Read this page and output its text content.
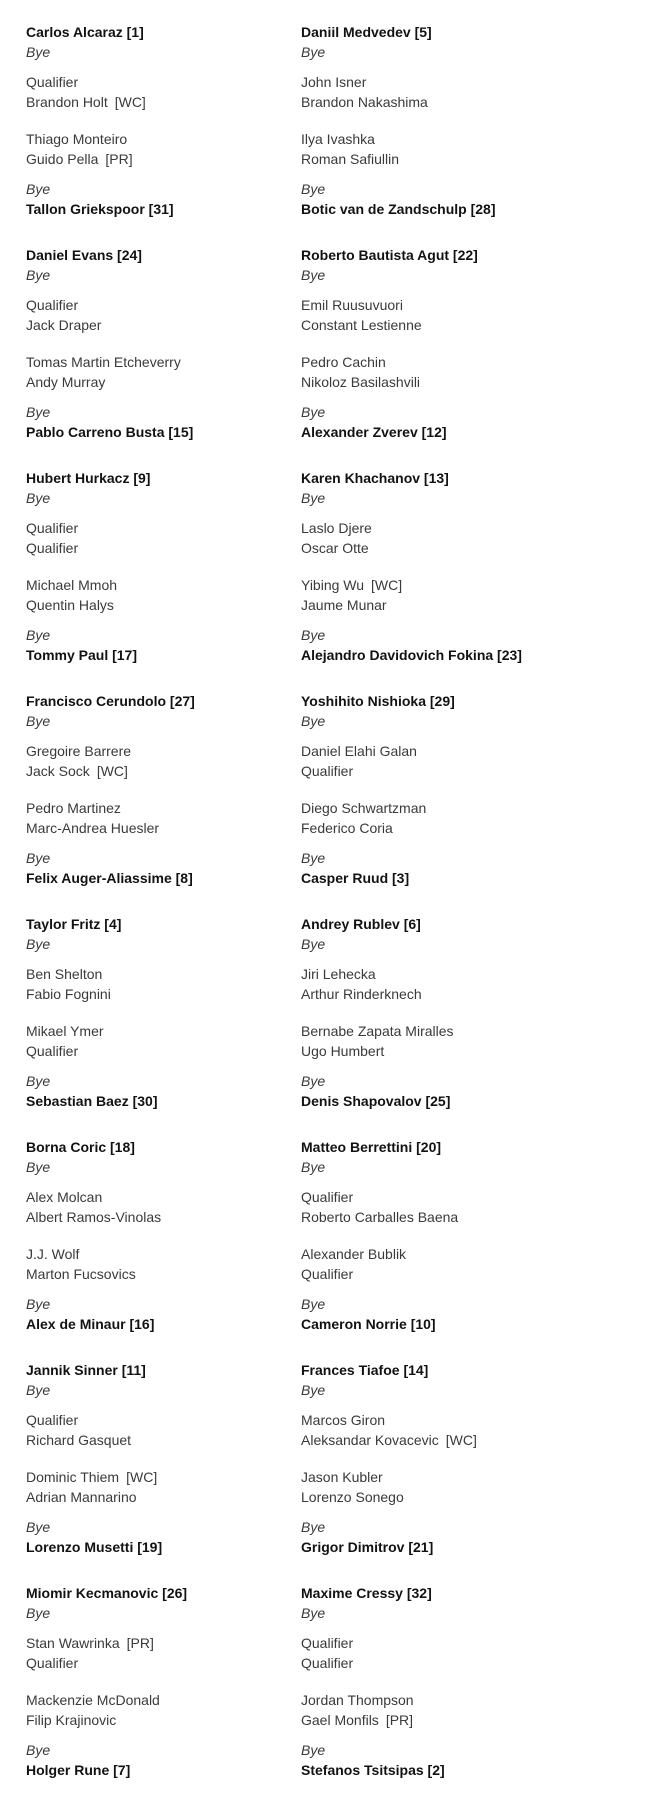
Carlos Alcaraz [1]
Bye
Qualifier
Brandon Holt [WC]
Thiago Monteiro
Guido Pella [PR]
Bye
Tallon Griekspoor [31]
Daniel Evans [24]
Bye
Qualifier
Jack Draper
Tomas Martin Etcheverry
Andy Murray
Bye
Pablo Carreno Busta [15]
Hubert Hurkacz [9]
Bye
Qualifier
Qualifier
Michael Mmoh
Quentin Halys
Bye
Tommy Paul [17]
Francisco Cerundolo [27]
Bye
Gregoire Barrere
Jack Sock [WC]
Pedro Martinez
Marc-Andrea Huesler
Bye
Felix Auger-Aliassime [8]
Taylor Fritz [4]
Bye
Ben Shelton
Fabio Fognini
Mikael Ymer
Qualifier
Bye
Sebastian Baez [30]
Borna Coric [18]
Bye
Alex Molcan
Albert Ramos-Vinolas
J.J. Wolf
Marton Fucsovics
Bye
Alex de Minaur [16]
Jannik Sinner [11]
Bye
Qualifier
Richard Gasquet
Dominic Thiem [WC]
Adrian Mannarino
Bye
Lorenzo Musetti [19]
Miomir Kecmanovic [26]
Bye
Stan Wawrinka [PR]
Qualifier
Mackenzie McDonald
Filip Krajinovic
Bye
Holger Rune [7]
Daniil Medvedev [5]
Bye
John Isner
Brandon Nakashima
Ilya Ivashka
Roman Safiullin
Bye
Botic van de Zandschulp [28]
Roberto Bautista Agut [22]
Bye
Emil Ruusuvuori
Constant Lestienne
Pedro Cachin
Nikoloz Basilashvili
Bye
Alexander Zverev [12]
Karen Khachanov [13]
Bye
Laslo Djere
Oscar Otte
Yibing Wu [WC]
Jaume Munar
Bye
Alejandro Davidovich Fokina [23]
Yoshihito Nishioka [29]
Bye
Daniel Elahi Galan
Qualifier
Diego Schwartzman
Federico Coria
Bye
Casper Ruud [3]
Andrey Rublev [6]
Bye
Jiri Lehecka
Arthur Rinderknech
Bernabe Zapata Miralles
Ugo Humbert
Bye
Denis Shapovalov [25]
Matteo Berrettini [20]
Bye
Qualifier
Roberto Carballes Baena
Alexander Bublik
Qualifier
Bye
Cameron Norrie [10]
Frances Tiafoe [14]
Bye
Marcos Giron
Aleksandar Kovacevic [WC]
Jason Kubler
Lorenzo Sonego
Bye
Grigor Dimitrov [21]
Maxime Cressy [32]
Bye
Qualifier
Qualifier
Jordan Thompson
Gael Monfils [PR]
Bye
Stefanos Tsitsipas [2]
